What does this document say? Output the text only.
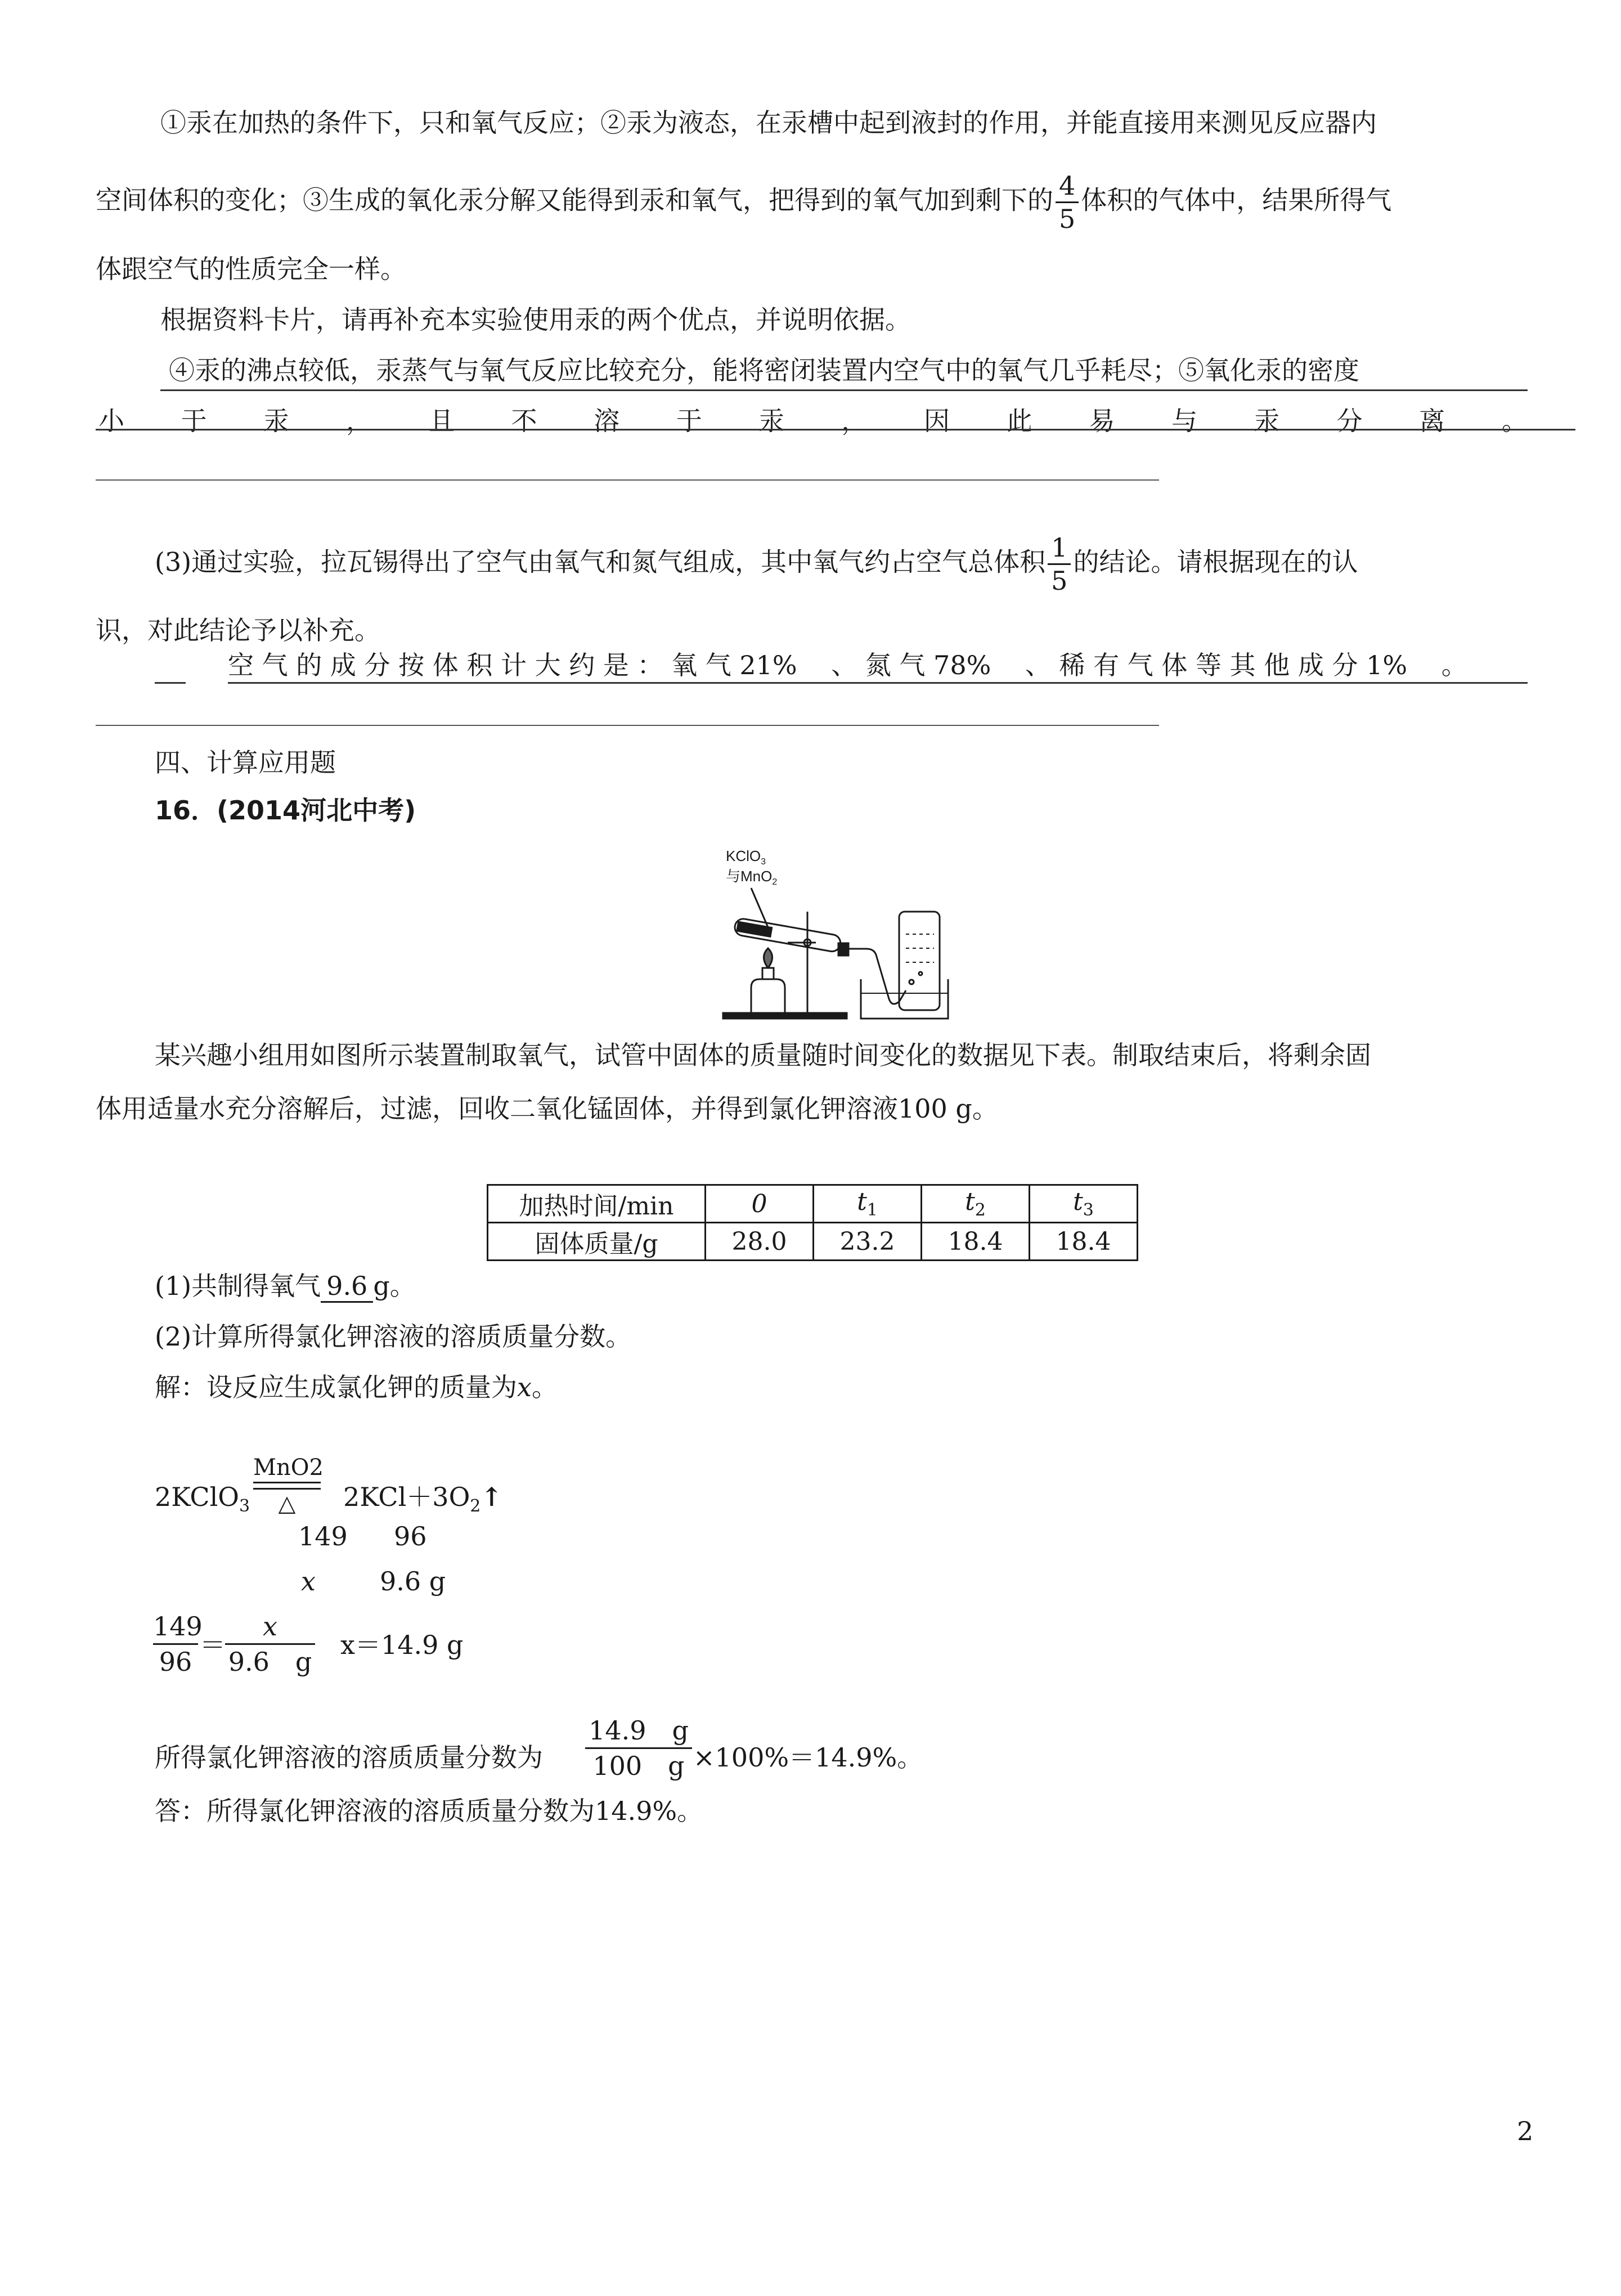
①汞在加热的条件下，只和氧气反应；②汞为液态，在汞槽中起到液封的作用，并能直接用来测见反应器内

空间体积的变化；③生成的氧化汞分解又能得到汞和氧气，把得到的氧气加到剩下的 $\frac{4}{5}$ 体积的气体中，结果所得气

体跟空气的性质完全一样。

根据资料卡片，请再补充本实验使用汞的两个优点，并说明依据。

④汞的沸点较低，汞蒸气与氧气反应比较充分，能将密闭装置内空气中的氧气几乎耗尽；⑤氧化汞的密度

小 于 汞 ， 且 不 溶 于 汞 ， 因 此 易 与 汞 分 离 。

(3)通过实验，拉瓦锡得出了空气由氧气和氮气组成，其中氧气约占空气总体积 $\frac{1}{5}$ 的结论。请根据现在的认

识，对此结论予以补充。

空 气 的 成 分 按 体 积 计 大 约 是 ： 氧 气 21%　 、 氮 气 78%　 、 稀 有 气 体 等 其 他 成 分 1%　 。

四、计算应用题

16．(2014河北中考)

KClO$_3$
与MnO$_2$

某兴趣小组用如图所示装置制取氧气，试管中固体的质量随时间变化的数据见下表。制取结束后，将剩余固

体用适量水充分溶解后，过滤，回收二氧化锰固体，并得到氯化钾溶液100 g。

加热时间/min	0	$t_1$	$t_2$	$t_3$
固体质量/g	28.0	23.2	18.4	18.4

(1)共制得氧气 9.6 g。

(2)计算所得氯化钾溶液的溶质质量分数。

解：设反应生成氯化钾的质量为x。

2KClO$_3$

MnO2
△	$2KCl+3O_2↑$

149 96

x 9.6 g

$\frac{149}{96} = \frac{x}{9.6 g} x=14.9$ g

所得氯化钾溶液的溶质质量分数为 $\frac{14.9 g}{100 g} \times 100\%=14.9\%$。

答：所得氯化钾溶液的溶质质量分数为14.9%。

2
